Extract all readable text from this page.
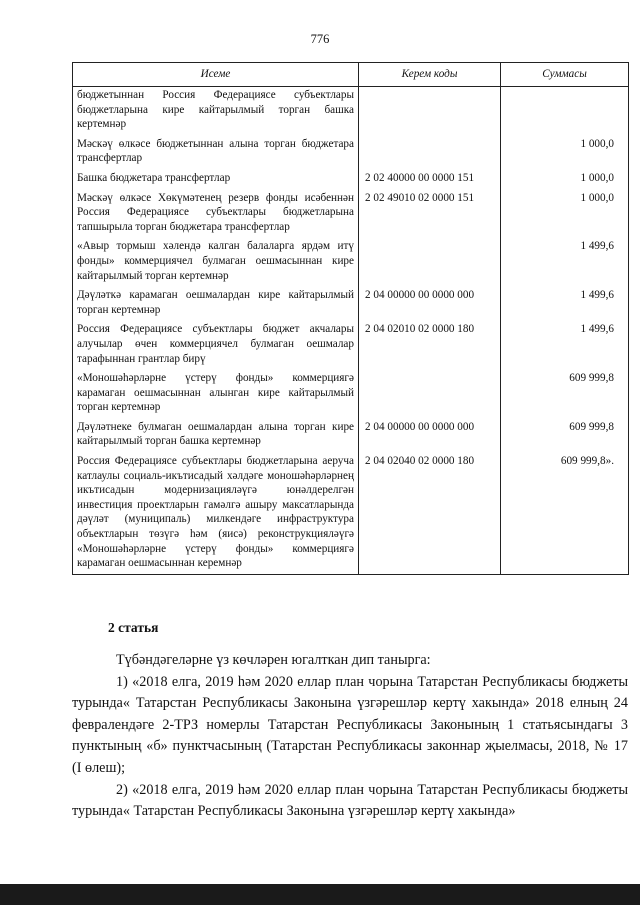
776
Исеме	Керем коды	Суммасы
бюджетыннан Россия Федерациясе субъектлары бюджетларына кире кайтарылмый торган башка кертемнәр		
Мәскәү өлкәсе бюджетыннан алына торган бюджетара трансфертлар		1 000,0
Башка бюджетара трансфертлар	2 02 40000 00 0000 151	1 000,0
Мәскәү өлкәсе Хөкүмәтенең резерв фонды исәбеннән Россия Федерациясе субъектлары бюджетларына тапшырыла торган бюджетара трансфертлар	2 02 49010 02 0000 151	1 000,0
«Авыр тормыш хәлендә калган балаларга ярдәм итү фонды» коммерциячел булмаган оешмасыннан кире кайтарылмый торган кертемнәр		1 499,6
Дәүләткә карамаган оешмалардан кире кайтарылмый торган кертемнәр	2 04 00000 00 0000 000	1 499,6
Россия Федерациясе субъектлары бюджет акчалары алучылар өчен коммерциячел булмаган оешмалар тарафыннан грантлар бирү	2 04 02010 02 0000 180	1 499,6
«Моношәһәрләрне үстерү фонды» коммерциягә карамаган оешмасыннан алынган кире кайтарылмый торган кертемнәр		609 999,8
Дәүләтнеке булмаган оешмалардан алына торган кире кайтарылмый торган башка кертемнәр	2 04 00000 00 0000 000	609 999,8
Россия Федерациясе субъектлары бюджетларына аеруча катлаулы социаль-икътисадый хәлдәге моношәһәрләрнең икътисадын модернизацияләүгә юнәлдерелгән инвестиция проектларын гамәлгә ашыру максатларында дәүләт (муниципаль) милкендәге инфраструктура объектларын төзүгә һәм (яисә) реконструкцияләүгә «Моношәһәрләрне үстерү фонды» коммерциягә карамаган оешмасыннан керемнәр	2 04 02040 02 0000 180	609 999,8».
2 статья

Түбәндәгеләрне үз көчләрен югалткан дип танырга:

1) «2018 елга, 2019 һәм 2020 еллар план чорына Татарстан Республикасы бюджеты турында« Татарстан Республикасы Законына үзгәрешләр кертү хакында» 2018 елның 24 февралендәге 2-ТРЗ номерлы Татарстан Республикасы Законының 1 статьясындагы 3 пунктының «б» пунктчасының (Татарстан Республикасы законнар җыелмасы, 2018, № 17 (I өлеш);

2) «2018 елга, 2019 һәм 2020 еллар план чорына Татарстан Республикасы бюджеты турында« Татарстан Республикасы Законына үзгәрешләр кертү хакында»
